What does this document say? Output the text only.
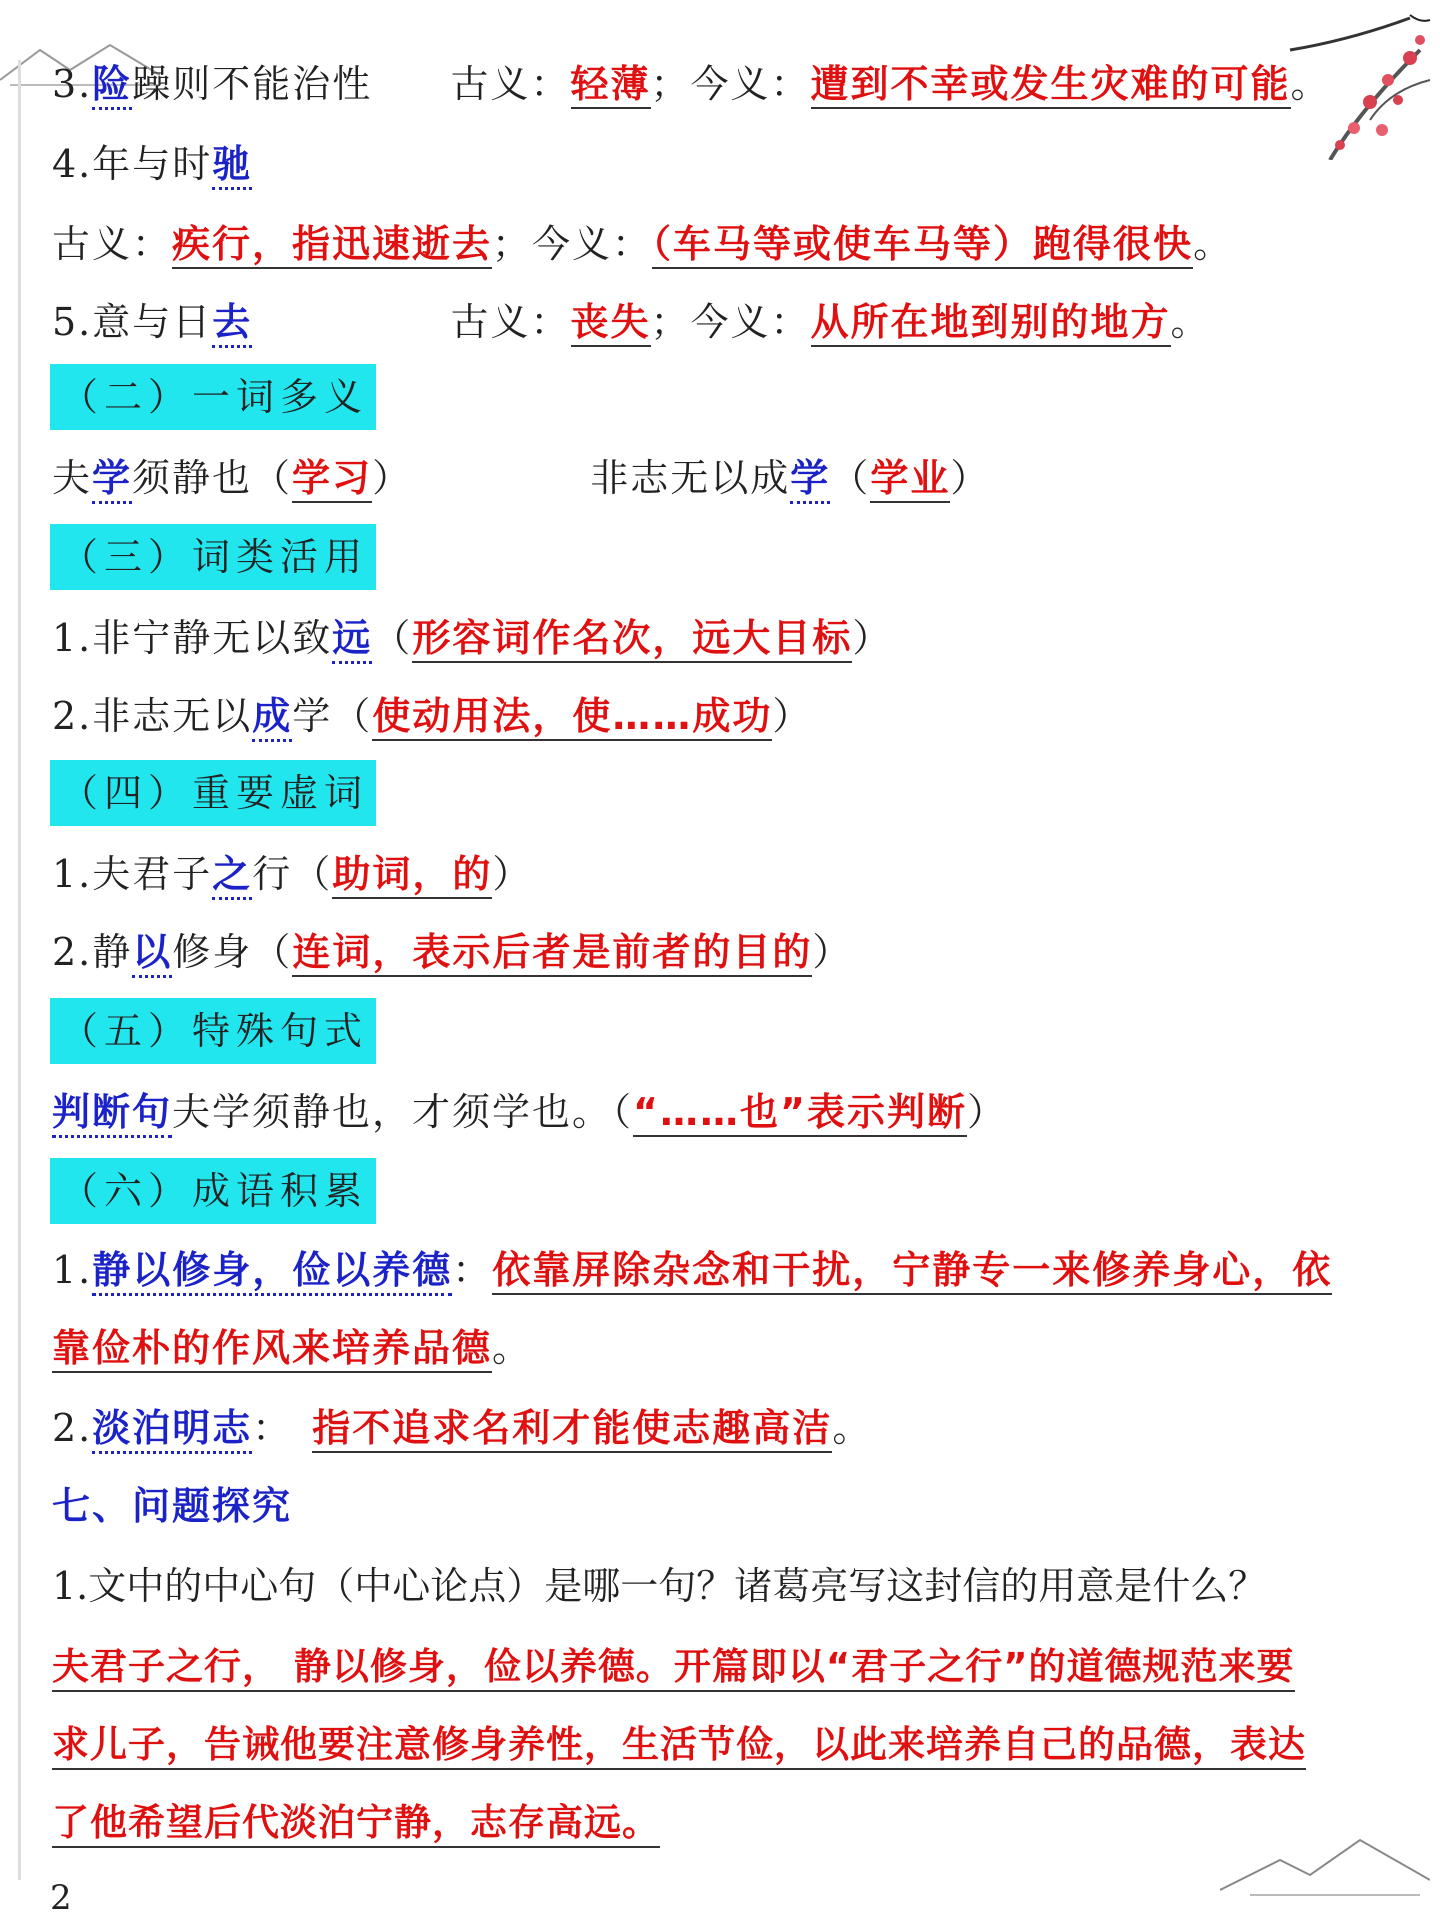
3.险躁则不能治性 古义：轻薄；今义：遭到不幸或发生灾难的可能。
4.年与时驰
古义：疾行，指迅速逝去；今义：（车马等或使车马等）跑得很快。
5.意与日去	古义：丧失；今义：从所在地到别的地方。
（二）一词多义
夫学须静也（学习）	非志无以成学（学业）
（三）词类活用
1.非宁静无以致远（形容词作名次，远大目标）
2.非志无以成学（使动用法，使……成功）
（四）重要虚词
1.夫君子之行（助词，的）
2.静以修身（连词，表示后者是前者的目的）
（五）特殊句式
判断句夫学须静也，才须学也。（“……也”表示判断）
（六）成语积累
1.静以修身，俭以养德：依靠屏除杂念和干扰，宁静专一来修养身心，依
靠俭朴的作风来培养品德。
2.淡泊明志： 指不追求名利才能使志趣高洁。
七、问题探究
1.文中的中心句（中心论点）是哪一句？诸葛亮写这封信的用意是什么？
夫君子之行， 静以修身，俭以养德。开篇即以“君子之行”的道德规范来要
求儿子，告诫他要注意修身养性，生活节俭，以此来培养自己的品德，表达
了他希望后代淡泊宁静，志存高远。
2
